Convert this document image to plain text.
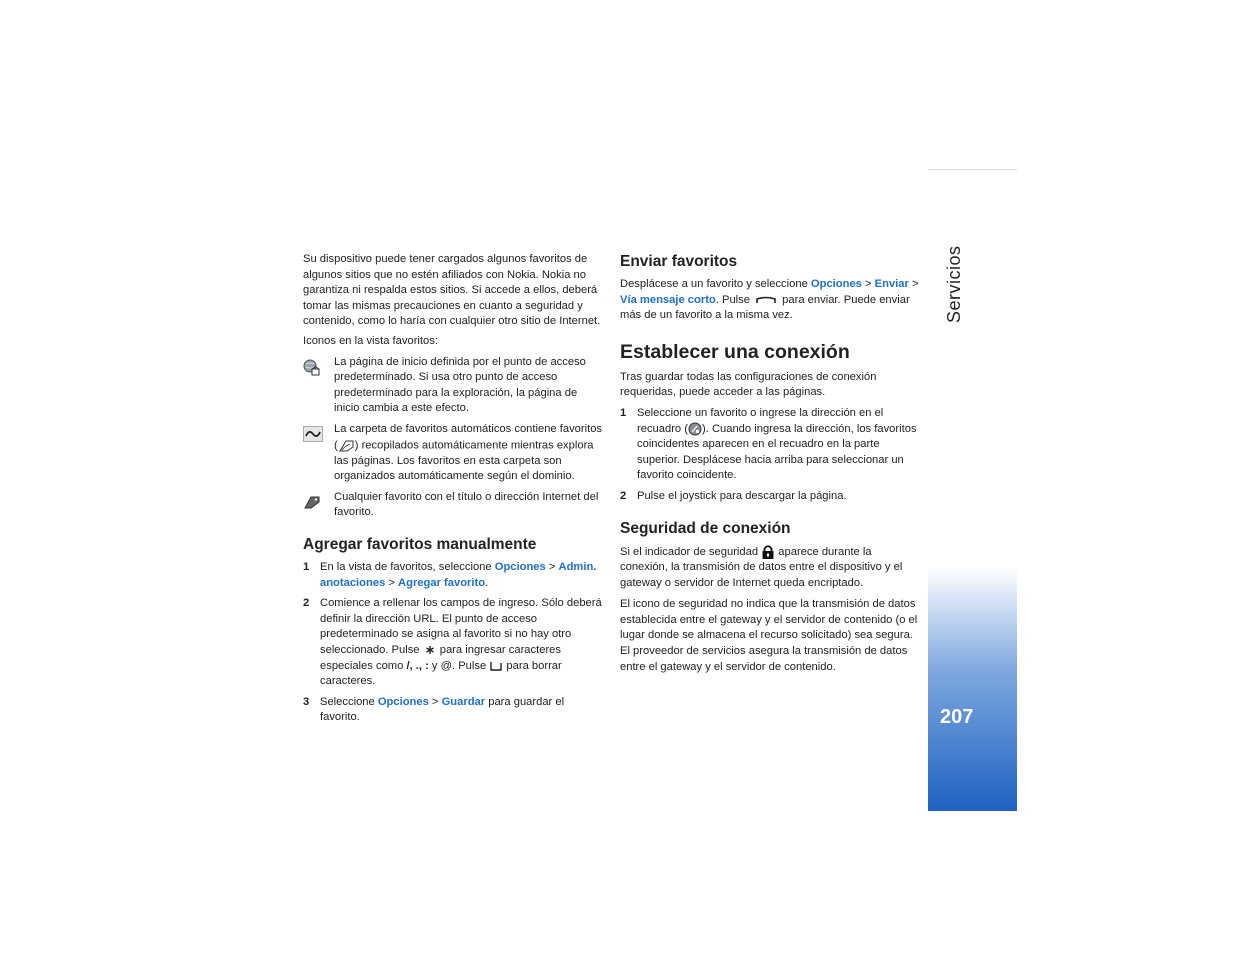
Servicios
207

Su dispositivo puede tener cargados algunos favoritos de algunos sitios que no estén afiliados con Nokia. Nokia no garantiza ni respalda estos sitios. Si accede a ellos, deberá tomar las mismas precauciones en cuanto a seguridad y contenido, como lo haría con cualquier otro sitio de Internet.

Iconos en la vista favoritos:

La página de inicio definida por el punto de acceso predeterminado. Si usa otro punto de acceso predeterminado para la exploración, la página de inicio cambia a este efecto.
La carpeta de favoritos automáticos contiene favoritos ( ) recopilados automáticamente mientras explora las páginas. Los favoritos en esta carpeta son organizados automáticamente según el dominio.
Cualquier favorito con el título o dirección Internet del favorito.
Agregar favoritos manualmente
1 En la vista de favoritos, seleccione Opciones > Admin. anotaciones > Agregar favorito.
2 Comience a rellenar los campos de ingreso. Sólo deberá definir la dirección URL. El punto de acceso predeterminado se asigna al favorito si no hay otro seleccionado. Pulse  para ingresar caracteres especiales como /, ., : y @. Pulse  para borrar caracteres.
3 Seleccione Opciones > Guardar para guardar el favorito.
Enviar favoritos

Desplácese a un favorito y seleccione Opciones > Enviar > Vía mensaje corto. Pulse  para enviar. Puede enviar más de un favorito a la misma vez.

Establecer una conexión

Tras guardar todas las configuraciones de conexión requeridas, puede acceder a las páginas.

1 Seleccione un favorito o ingrese la dirección en el recuadro ( ). Cuando ingresa la dirección, los favoritos coincidentes aparecen en el recuadro en la parte superior. Desplácese hacia arriba para seleccionar un favorito coincidente.
2 Pulse el joystick para descargar la página.
Seguridad de conexión

Si el indicador de seguridad  aparece durante la conexión, la transmisión de datos entre el dispositivo y el gateway o servidor de Internet queda encriptado.

El icono de seguridad no indica que la transmisión de datos establecida entre el gateway y el servidor de contenido (o el lugar donde se almacena el recurso solicitado) sea segura. El proveedor de servicios asegura la transmisión de datos entre el gateway y el servidor de contenido.
